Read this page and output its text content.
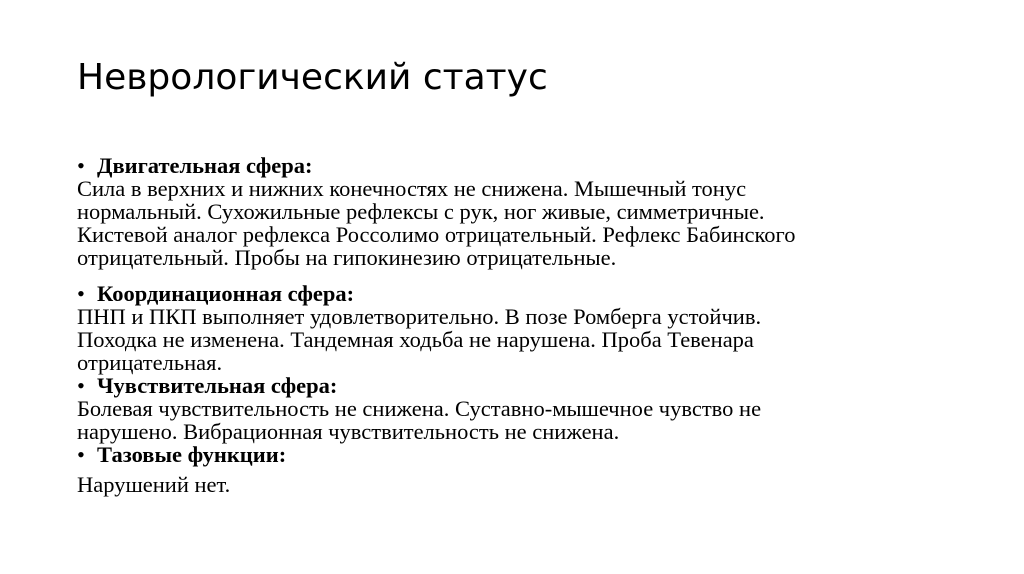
Неврологический статус
• Двигательная сфера:
Сила в верхних и нижних конечностях не снижена. Мышечный тонус
нормальный. Сухожильные рефлексы с рук, ног живые, симметричные.
Кистевой аналог рефлекса Россолимо отрицательный. Рефлекс Бабинского
отрицательный. Пробы на гипокинезию отрицательные.
• Координационная сфера:
ПНП и ПКП выполняет удовлетворительно. В позе Ромберга устойчив.
Походка не изменена. Тандемная ходьба не нарушена. Проба Тевенара
отрицательная.
• Чувствительная сфера:
Болевая чувствительность не снижена. Суставно-мышечное чувство не
нарушено. Вибрационная чувствительность не снижена.
• Тазовые функции:
Нарушений нет.
